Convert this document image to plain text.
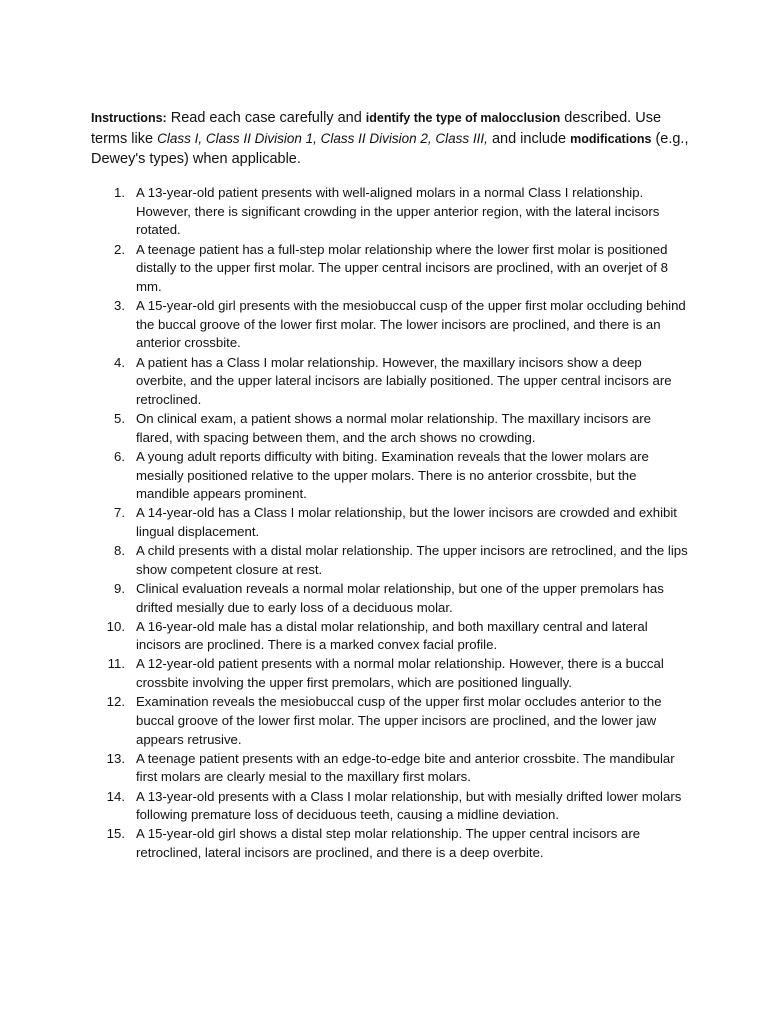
Instructions: Read each case carefully and identify the type of malocclusion described. Use terms like Class I, Class II Division 1, Class II Division 2, Class III, and include modifications (e.g., Dewey's types) when applicable.

1. A 13-year-old patient presents with well-aligned molars in a normal Class I relationship. However, there is significant crowding in the upper anterior region, with the lateral incisors rotated.
2. A teenage patient has a full-step molar relationship where the lower first molar is positioned distally to the upper first molar. The upper central incisors are proclined, with an overjet of 8 mm.
3. A 15-year-old girl presents with the mesiobuccal cusp of the upper first molar occluding behind the buccal groove of the lower first molar. The lower incisors are proclined, and there is an anterior crossbite.
4. A patient has a Class I molar relationship. However, the maxillary incisors show a deep overbite, and the upper lateral incisors are labially positioned. The upper central incisors are retroclined.
5. On clinical exam, a patient shows a normal molar relationship. The maxillary incisors are flared, with spacing between them, and the arch shows no crowding.
6. A young adult reports difficulty with biting. Examination reveals that the lower molars are mesially positioned relative to the upper molars. There is no anterior crossbite, but the mandible appears prominent.
7. A 14-year-old has a Class I molar relationship, but the lower incisors are crowded and exhibit lingual displacement.
8. A child presents with a distal molar relationship. The upper incisors are retroclined, and the lips show competent closure at rest.
9. Clinical evaluation reveals a normal molar relationship, but one of the upper premolars has drifted mesially due to early loss of a deciduous molar.
10. A 16-year-old male has a distal molar relationship, and both maxillary central and lateral incisors are proclined. There is a marked convex facial profile.
11. A 12-year-old patient presents with a normal molar relationship. However, there is a buccal crossbite involving the upper first premolars, which are positioned lingually.
12. Examination reveals the mesiobuccal cusp of the upper first molar occludes anterior to the buccal groove of the lower first molar. The upper incisors are proclined, and the lower jaw appears retrusive.
13. A teenage patient presents with an edge-to-edge bite and anterior crossbite. The mandibular first molars are clearly mesial to the maxillary first molars.
14. A 13-year-old presents with a Class I molar relationship, but with mesially drifted lower molars following premature loss of deciduous teeth, causing a midline deviation.
15. A 15-year-old girl shows a distal step molar relationship. The upper central incisors are retroclined, lateral incisors are proclined, and there is a deep overbite.
